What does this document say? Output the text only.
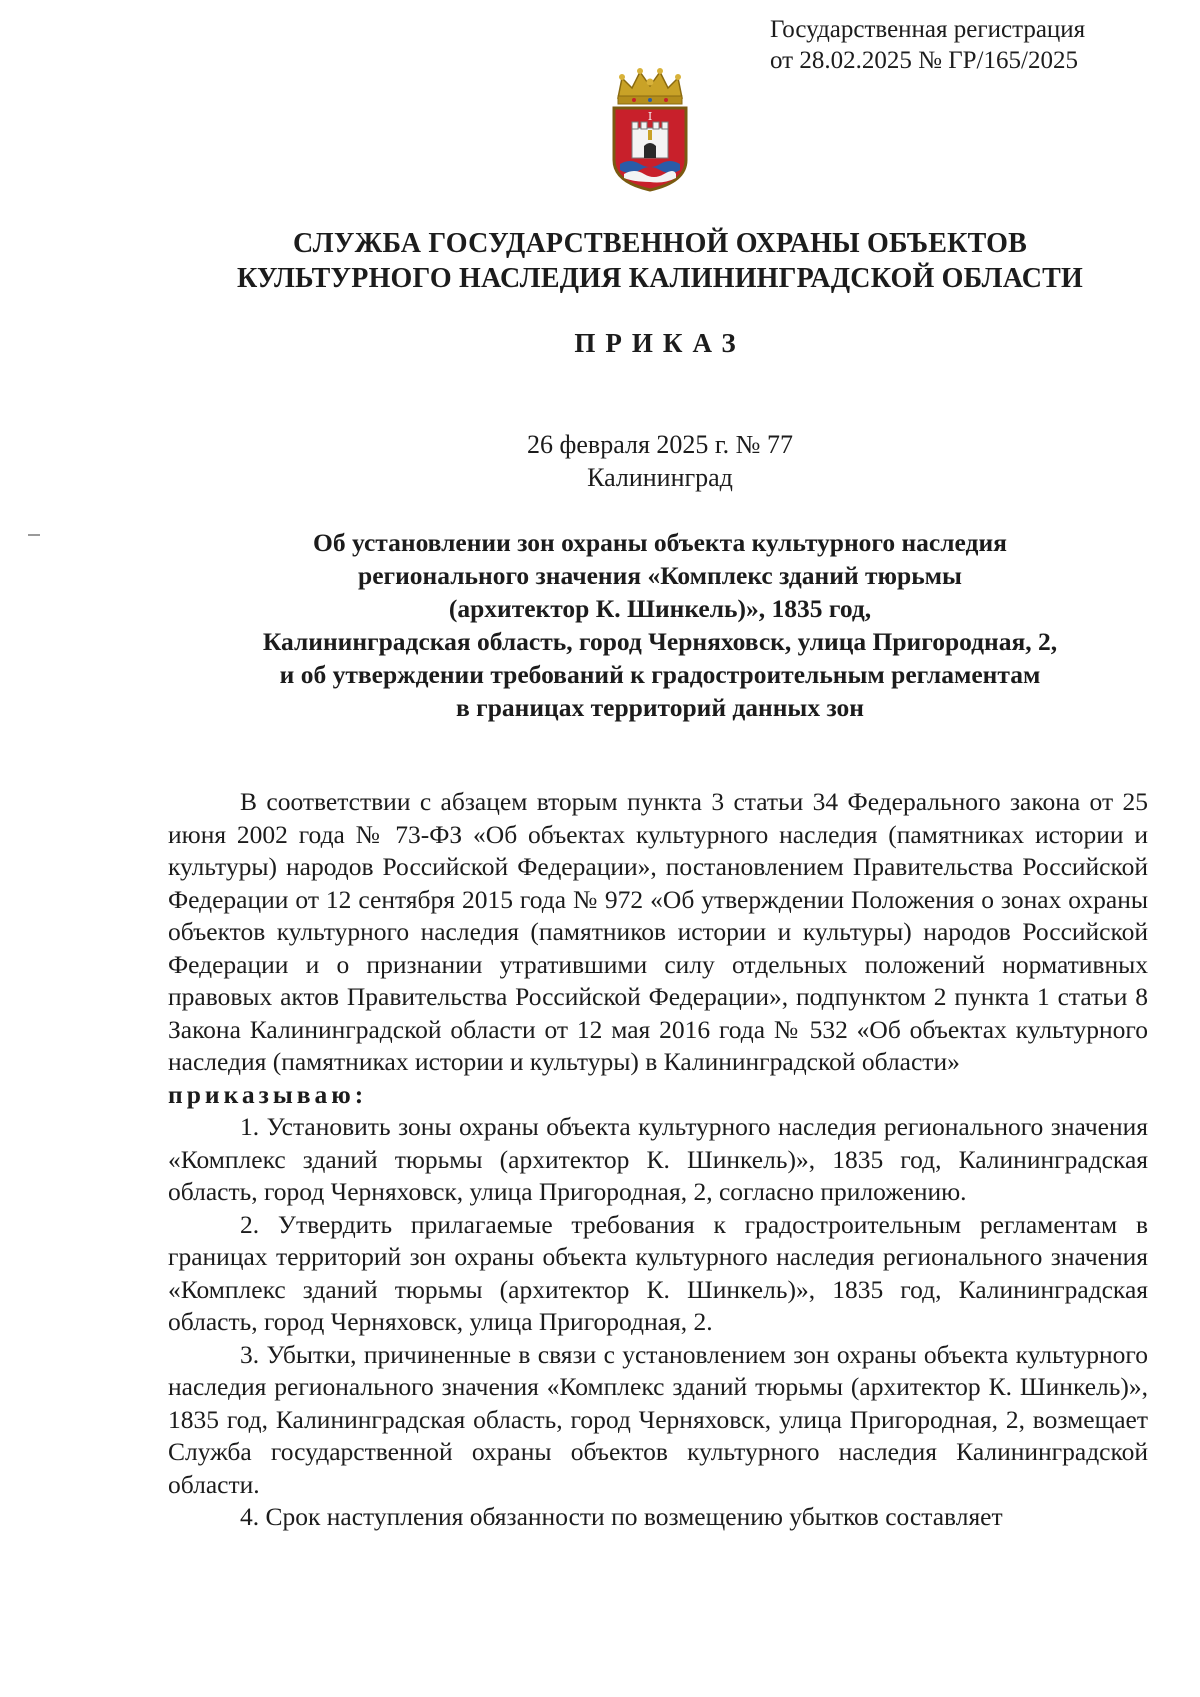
Государственная регистрация
от 28.02.2025 № ГР/165/2025
I
СЛУЖБА ГОСУДАРСТВЕННОЙ ОХРАНЫ ОБЪЕКТОВ
КУЛЬТУРНОГО НАСЛЕДИЯ КАЛИНИНГРАДСКОЙ ОБЛАСТИ
ПРИКАЗ
26 февраля 2025 г. № 77
Калининград
Об установлении зон охраны объекта культурного наследия
регионального значения «Комплекс зданий тюрьмы
(архитектор К. Шинкель)», 1835 год,
Калининградская область, город Черняховск, улица Пригородная, 2,
и об утверждении требований к градостроительным регламентам
в границах территорий данных зон

В соответствии с абзацем вторым пункта 3 статьи 34 Федерального закона от 25 июня 2002 года № 73-ФЗ «Об объектах культурного наследия (памятниках истории и культуры) народов Российской Федерации», постановлением Правительства Российской Федерации от 12 сентября 2015 года № 972 «Об утверждении Положения о зонах охраны объектов культурного наследия (памятников истории и культуры) народов Российской Федерации и о признании утратившими силу отдельных положений нормативных правовых актов Правительства Российской Федерации», подпунктом 2 пункта 1 статьи 8 Закона Калининградской области от 12 мая 2016 года № 532 «Об объектах культурного наследия (памятниках истории и культуры) в Калининградской области»

приказываю:

1. Установить зоны охраны объекта культурного наследия регионального значения «Комплекс зданий тюрьмы (архитектор К. Шинкель)», 1835 год, Калининградская область, город Черняховск, улица Пригородная, 2, согласно приложению.

2. Утвердить прилагаемые требования к градостроительным регламентам в границах территорий зон охраны объекта культурного наследия регионального значения «Комплекс зданий тюрьмы (архитектор К. Шинкель)», 1835 год, Калининградская область, город Черняховск, улица Пригородная, 2.

3. Убытки, причиненные в связи с установлением зон охраны объекта культурного наследия регионального значения «Комплекс зданий тюрьмы (архитектор К. Шинкель)», 1835 год, Калининградская область, город Черняховск, улица Пригородная, 2, возмещает Служба государственной охраны объектов культурного наследия Калининградской области.

4. Срок наступления обязанности по возмещению убытков составляет
